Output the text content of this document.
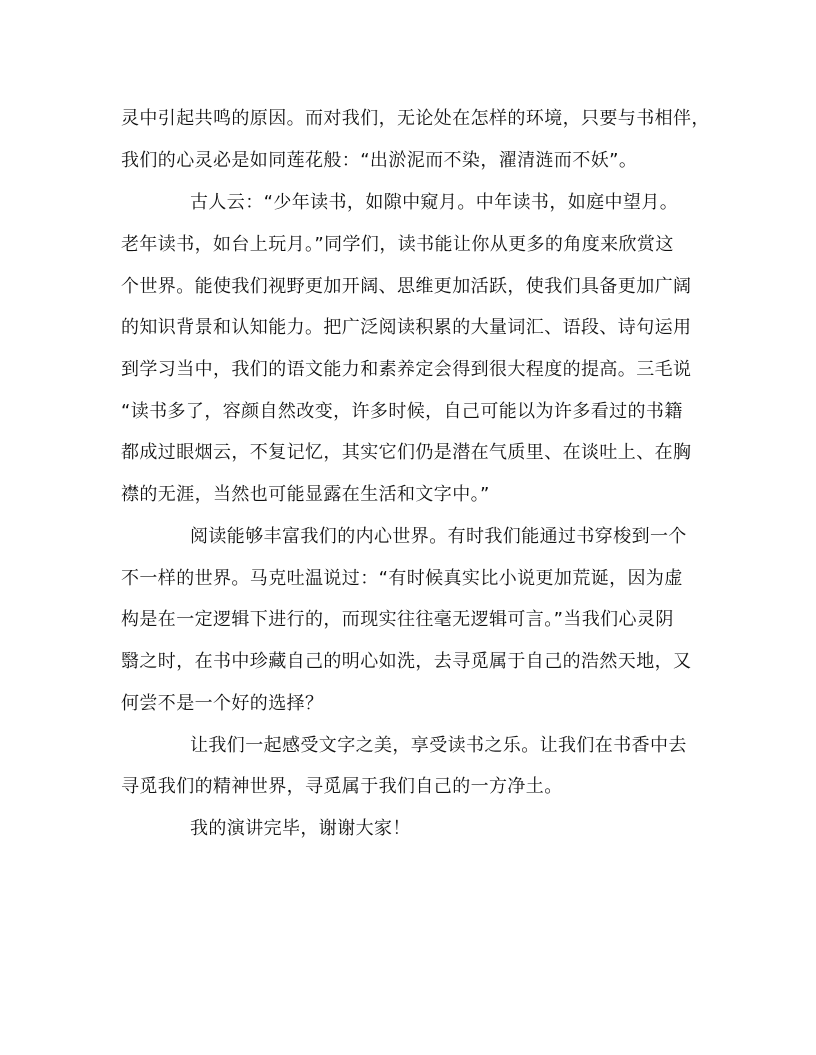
灵中引起共鸣的原因。而对我们，无论处在怎样的环境，只要与书相伴，
我们的心灵必是如同莲花般：“出淤泥而不染，濯清涟而不妖”。
古人云：“少年读书，如隙中窥月。中年读书，如庭中望月。
老年读书，如台上玩月。”同学们，读书能让你从更多的角度来欣赏这
个世界。能使我们视野更加开阔、思维更加活跃，使我们具备更加广阔
的知识背景和认知能力。把广泛阅读积累的大量词汇、语段、诗句运用
到学习当中，我们的语文能力和素养定会得到很大程度的提高。三毛说
“读书多了，容颜自然改变，许多时候，自己可能以为许多看过的书籍
都成过眼烟云，不复记忆，其实它们仍是潜在气质里、在谈吐上、在胸
襟的无涯，当然也可能显露在生活和文字中。”
阅读能够丰富我们的内心世界。有时我们能通过书穿梭到一个
不一样的世界。马克吐温说过：“有时候真实比小说更加荒诞，因为虚
构是在一定逻辑下进行的，而现实往往毫无逻辑可言。”当我们心灵阴
翳之时，在书中珍藏自己的明心如洗，去寻觅属于自己的浩然天地，又
何尝不是一个好的选择？
让我们一起感受文字之美，享受读书之乐。让我们在书香中去
寻觅我们的精神世界，寻觅属于我们自己的一方净土。
我的演讲完毕，谢谢大家！
